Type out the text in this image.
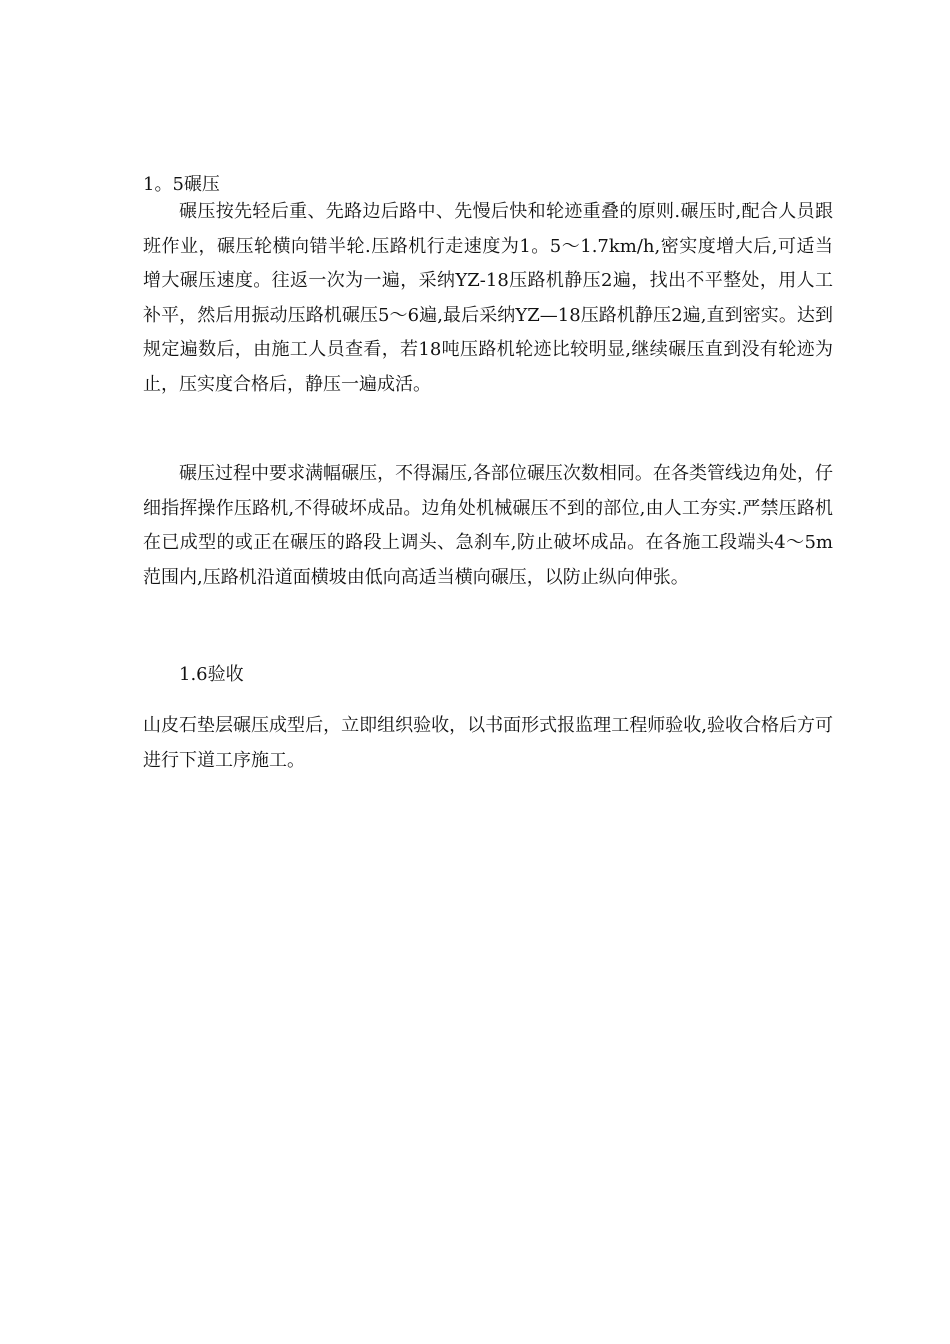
1。5碾压

碾压按先轻后重、先路边后路中、先慢后快和轮迹重叠的原则.碾压时,配合人员跟班作业，碾压轮横向错半轮.压路机行走速度为1。5～1.7km/h,密实度增大后,可适当增大碾压速度。往返一次为一遍，采纳YZ-18压路机静压2遍，找出不平整处，用人工补平，然后用振动压路机碾压5～6遍,最后采纳YZ—18压路机静压2遍,直到密实。达到规定遍数后，由施工人员查看，若18吨压路机轮迹比较明显,继续碾压直到没有轮迹为止，压实度合格后，静压一遍成活。

碾压过程中要求满幅碾压，不得漏压,各部位碾压次数相同。在各类管线边角处，仔细指挥操作压路机,不得破坏成品。边角处机械碾压不到的部位,由人工夯实.严禁压路机在已成型的或正在碾压的路段上调头、急刹车,防止破坏成品。在各施工段端头4～5m范围内,压路机沿道面横坡由低向高适当横向碾压，以防止纵向伸张。

1.6验收

山皮石垫层碾压成型后，立即组织验收，以书面形式报监理工程师验收,验收合格后方可进行下道工序施工。
